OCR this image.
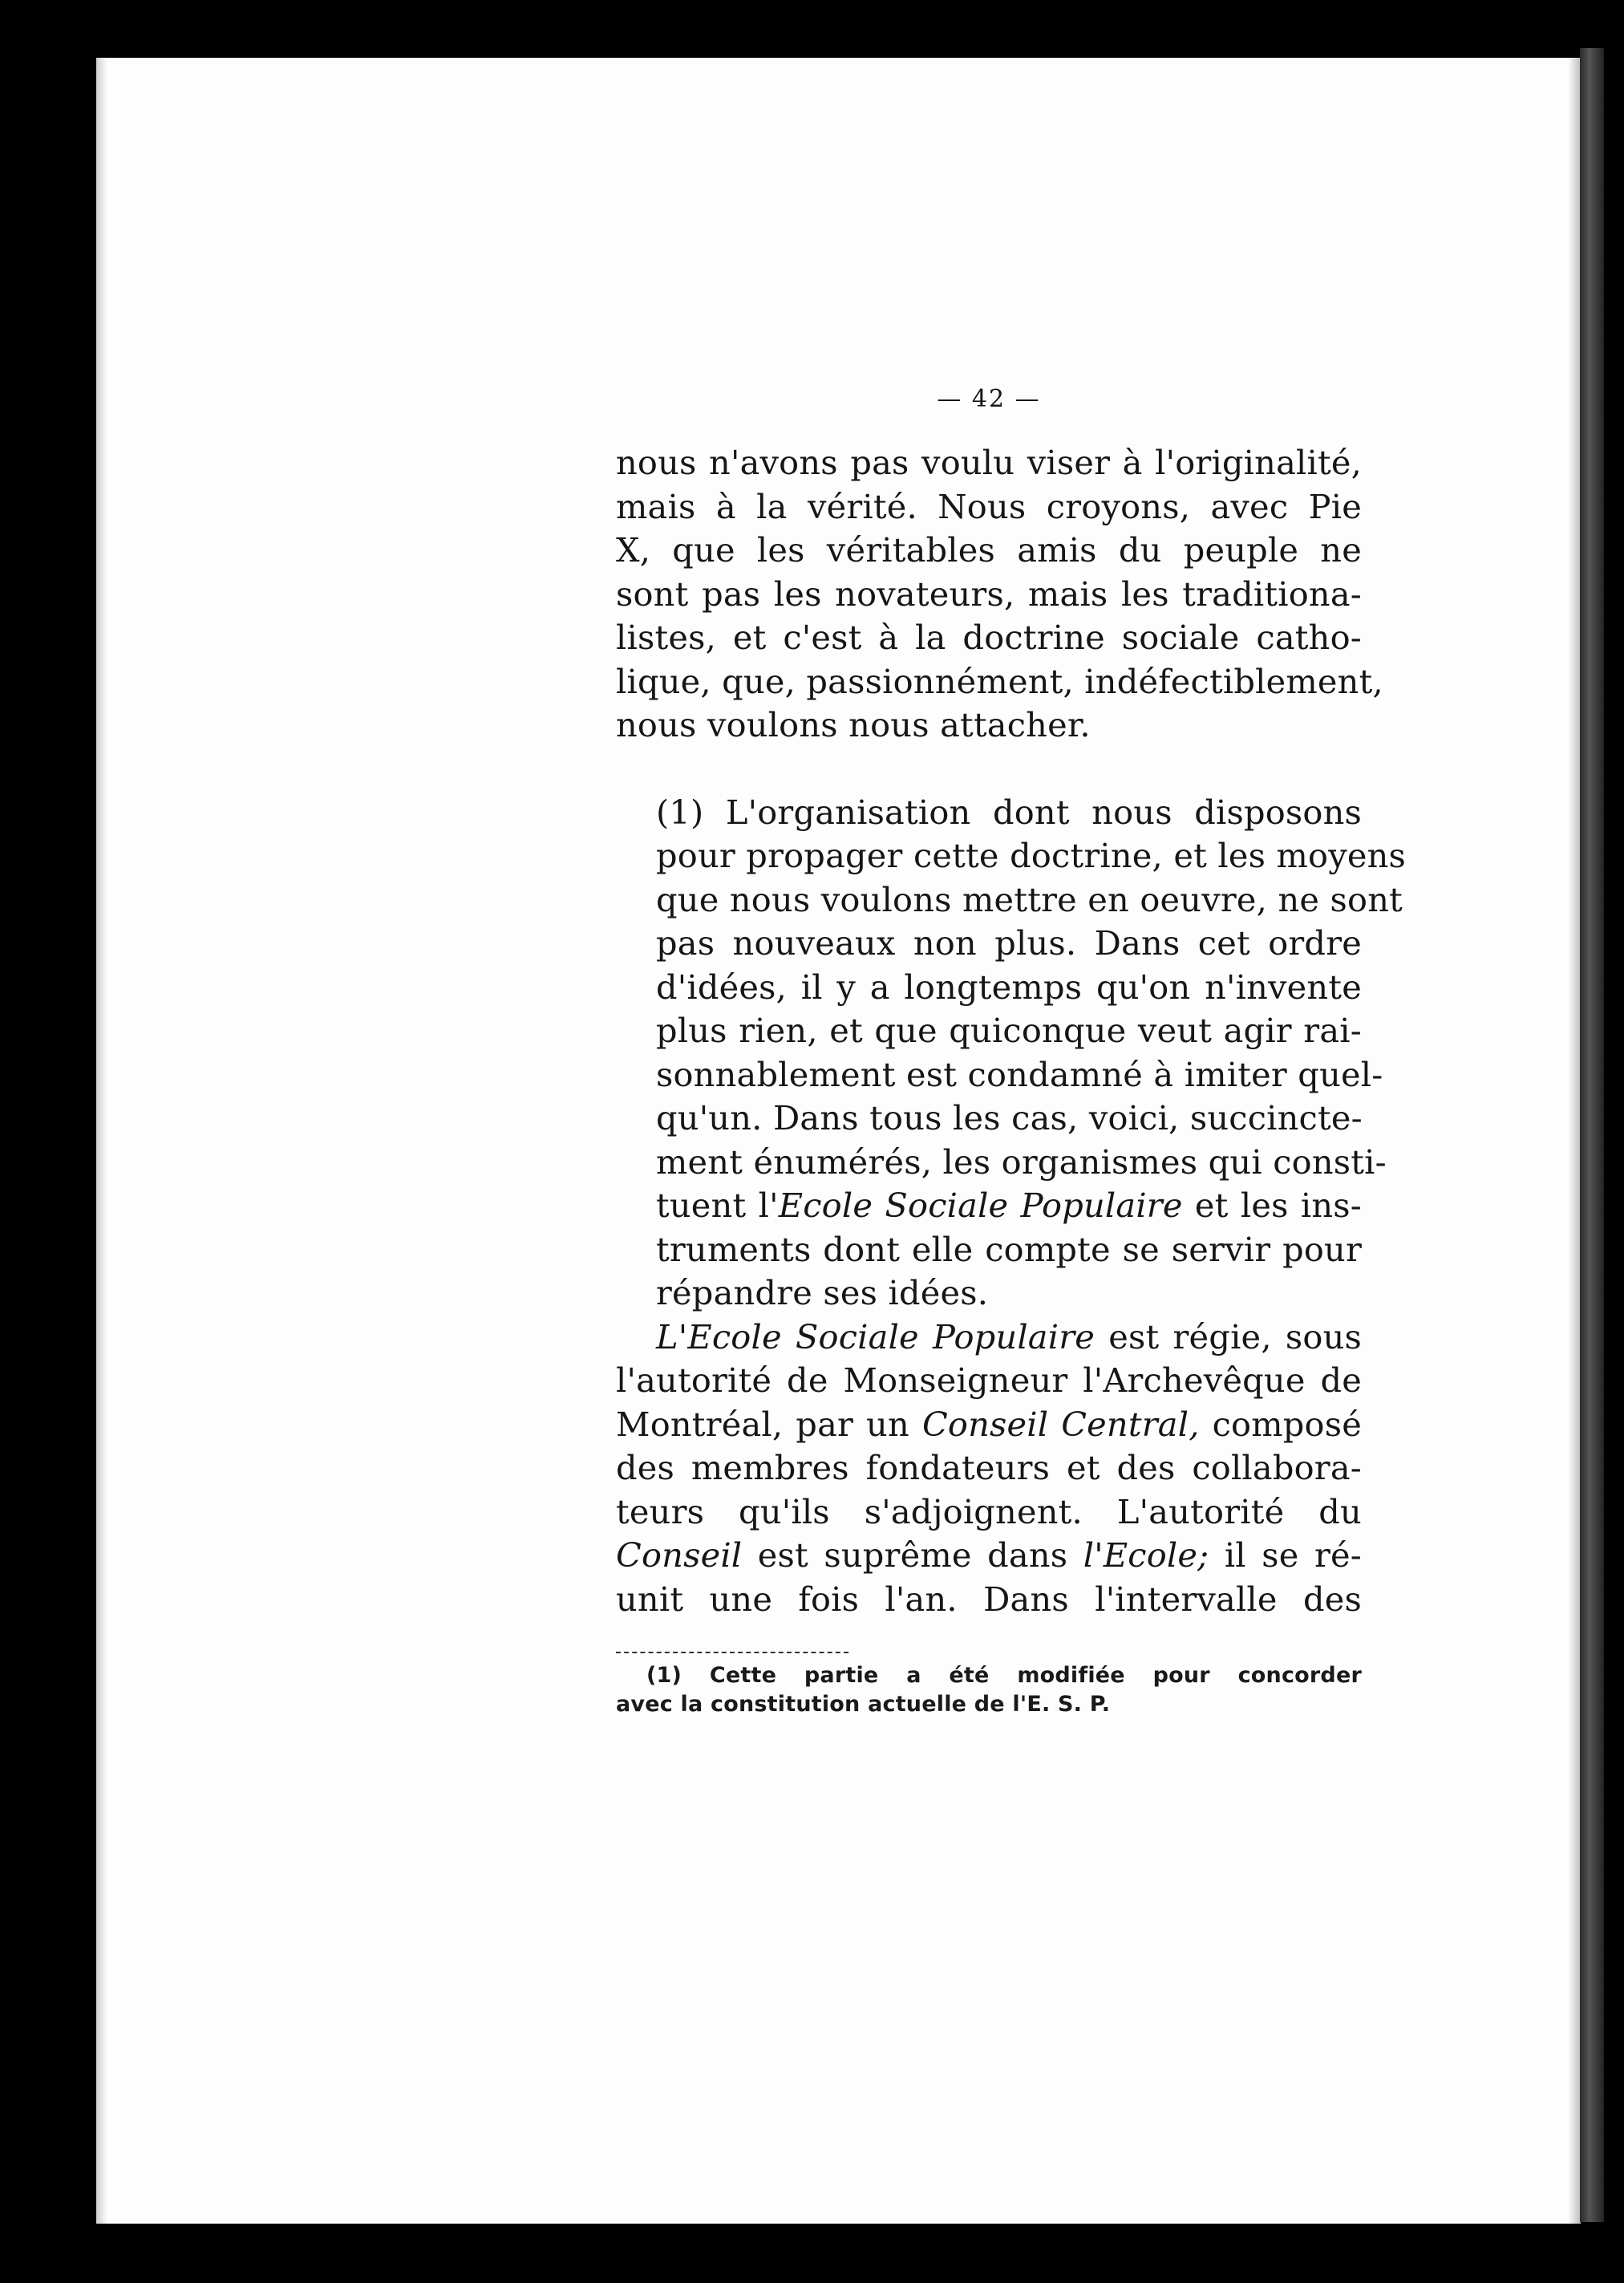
— 42 —
nous n'avons pas voulu viser à l'originalité,
mais à la vérité. Nous croyons, avec Pie
X, que les véritables amis du peuple ne
sont pas les novateurs, mais les traditiona-
listes, et c'est à la doctrine sociale catho-
lique, que, passionnément, indéfectiblement,
nous voulons nous attacher.
(1) L'organisation dont nous disposons
pour propager cette doctrine, et les moyens
que nous voulons mettre en oeuvre, ne sont
pas nouveaux non plus. Dans cet ordre
d'idées, il y a longtemps qu'on n'invente
plus rien, et que quiconque veut agir rai-
sonnablement est condamné à imiter quel-
qu'un. Dans tous les cas, voici, succincte-
ment énumérés, les organismes qui consti-
tuent l'Ecole Sociale Populaire et les ins-
truments dont elle compte se servir pour
répandre ses idées.
L'Ecole Sociale Populaire est régie, sous
l'autorité de Monseigneur l'Archevêque de
Montréal, par un Conseil Central, composé
des membres fondateurs et des collabora-
teurs qu'ils s'adjoignent. L'autorité du
Conseil est suprême dans l'Ecole; il se ré-
unit une fois l'an. Dans l'intervalle des

(1) Cette partie a été modifiée pour concorder
avec la constitution actuelle de l'E. S. P.
